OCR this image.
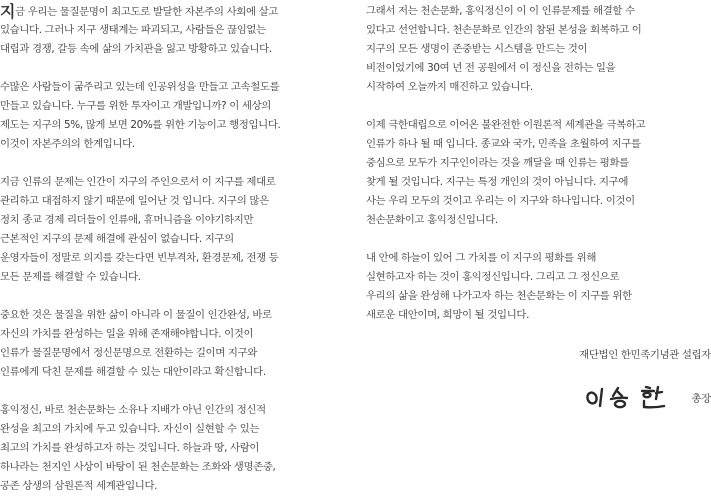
지금 우리는 물질문명이 최고도로 발달한 자본주의 사회에 살고
있습니다. 그러나 지구 생태계는 파괴되고, 사람들은 끊임없는
대립과 경쟁, 갈등 속에 삶의 가치관을 잃고 방황하고 있습니다.

수많은 사람들이 굶주리고 있는데 인공위성을 만들고 고속철도를
만들고 있습니다. 누구를 위한 투자이고 개발입니까? 이 세상의
제도는 지구의 5%, 많게 보면 20%를 위한 기능이고 행정입니다.
이것이 자본주의의 한계입니다.

지금 인류의 문제는 인간이 지구의 주인으로서 이 지구를 제대로
관리하고 대접하지 않기 때문에 일어난 것 입니다. 지구의 많은
정치 종교 경제 리더들이 인류애, 휴머니즘을 이야기하지만
근본적인 지구의 문제 해결에 관심이 없습니다. 지구의
운영자들이 정말로 의지를 갖는다면 빈부격차, 환경문제, 전쟁 등
모든 문제를 해결할 수 있습니다.

중요한 것은 물질을 위한 삶이 아니라 이 물질이 인간완성, 바로
자신의 가치를 완성하는 일을 위해 존재해야합니다. 이것이
인류가 물질문명에서 정신문명으로 전환하는 길이며 지구와
인류에게 닥친 문제를 해결할 수 있는 대안이라고 확신합니다.

홍익정신, 바로 천손문화는 소유나 지배가 아닌 인간의 정신적
완성을 최고의 가치에 두고 있습니다. 자신이 실현할 수 있는
최고의 가치를 완성하고자 하는 것입니다. 하늘과 땅, 사람이
하나라는 천지인 사상이 바탕이 된 천손문화는 조화와 생명존중,
공존 상생의 삼원론적 세계관입니다.

그래서 저는 천손문화, 홍익정신이 이 이 인류문제를 해결할 수
있다고 선언합니다. 천손문화로 인간의 참된 본성을 회복하고 이
지구의 모든 생명이 존중받는 시스템을 만드는 것이
비전이었기에 30여 년 전 공원에서 이 정신을 전하는 일을
시작하여 오늘까지 매진하고 있습니다.

이제 극한대립으로 이어온 불완전한 이원론적 세계관을 극복하고
인류가 하나 될 때 입니다. 종교와 국가, 민족을 초월하여 지구를
중심으로 모두가 지구인이라는 것을 깨달을 때 인류는 평화를
찾게 될 것입니다. 지구는 특정 개인의 것이 아닙니다. 지구에
사는 우리 모두의 것이고 우리는 이 지구와 하나입니다. 이것이
천손문화이고 홍익정신입니다.

내 안에 하늘이 있어 그 가치를 이 지구의 평화를 위해
실현하고자 하는 것이 홍익정신입니다. 그리고 그 정신으로
우리의 삶을 완성해 나가고자 하는 천손문화는 이 지구를 위한
새로운 대안이며, 희망이 될 것입니다.

재단법인 한민족기념관 설립자
총장
